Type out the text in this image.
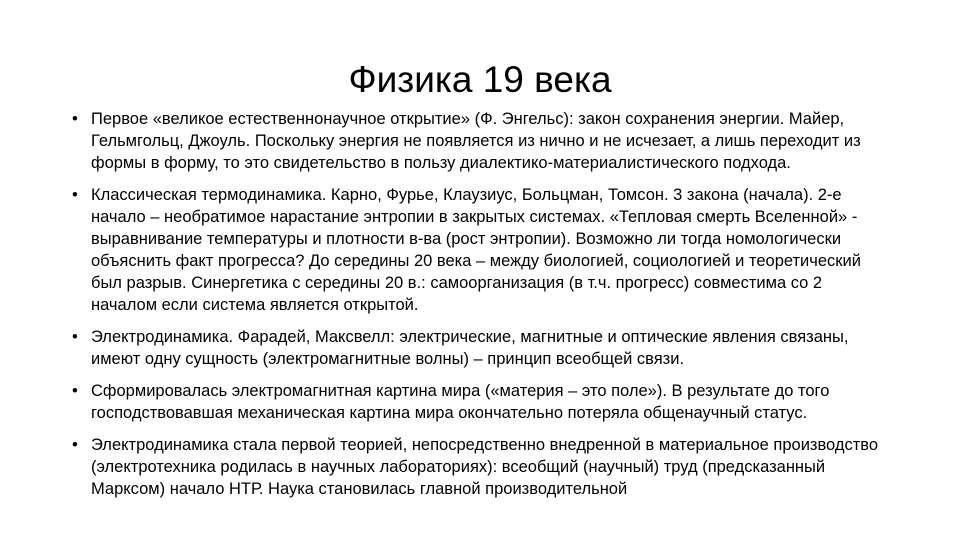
Физика 19 века
• Первое «великое естественнонаучное открытие» (Ф. Энгельс): закон сохранения энергии. Майер, Гельмгольц, Джоуль. Поскольку энергия не появляется из нично и не исчезает, а лишь переходит из формы в форму, то это свидетельство в пользу диалектико-материалистического подхода.
• Классическая термодинамика. Карно, Фурье, Клаузиус, Больцман, Томсон. 3 закона (начала). 2-е начало – необратимое нарастание энтропии в закрытых системах. «Тепловая смерть Вселенной» - выравнивание температуры и плотности в-ва (рост энтропии). Возможно ли тогда номологически объяснить факт прогресса? До середины 20 века – между биологией, социологией и теоретический был разрыв. Синергетика с середины 20 в.: самоорганизация (в т.ч. прогресс) совместима со 2 началом если система является открытой.
• Электродинамика. Фарадей, Максвелл: электрические, магнитные и оптические явления связаны, имеют одну сущность (электромагнитные волны) – принцип всеобщей связи.
• Сформировалась электромагнитная картина мира («материя – это поле»). В результате до того господствовавшая механическая картина мира окончательно потеряла общенаучный статус.
• Электродинамика стала первой теорией, непосредственно внедренной в материальное производство (электротехника родилась в научных лабораториях): всеобщий (научный) труд (предсказанный Марксом) начало НТР. Наука становилась главной производительной
